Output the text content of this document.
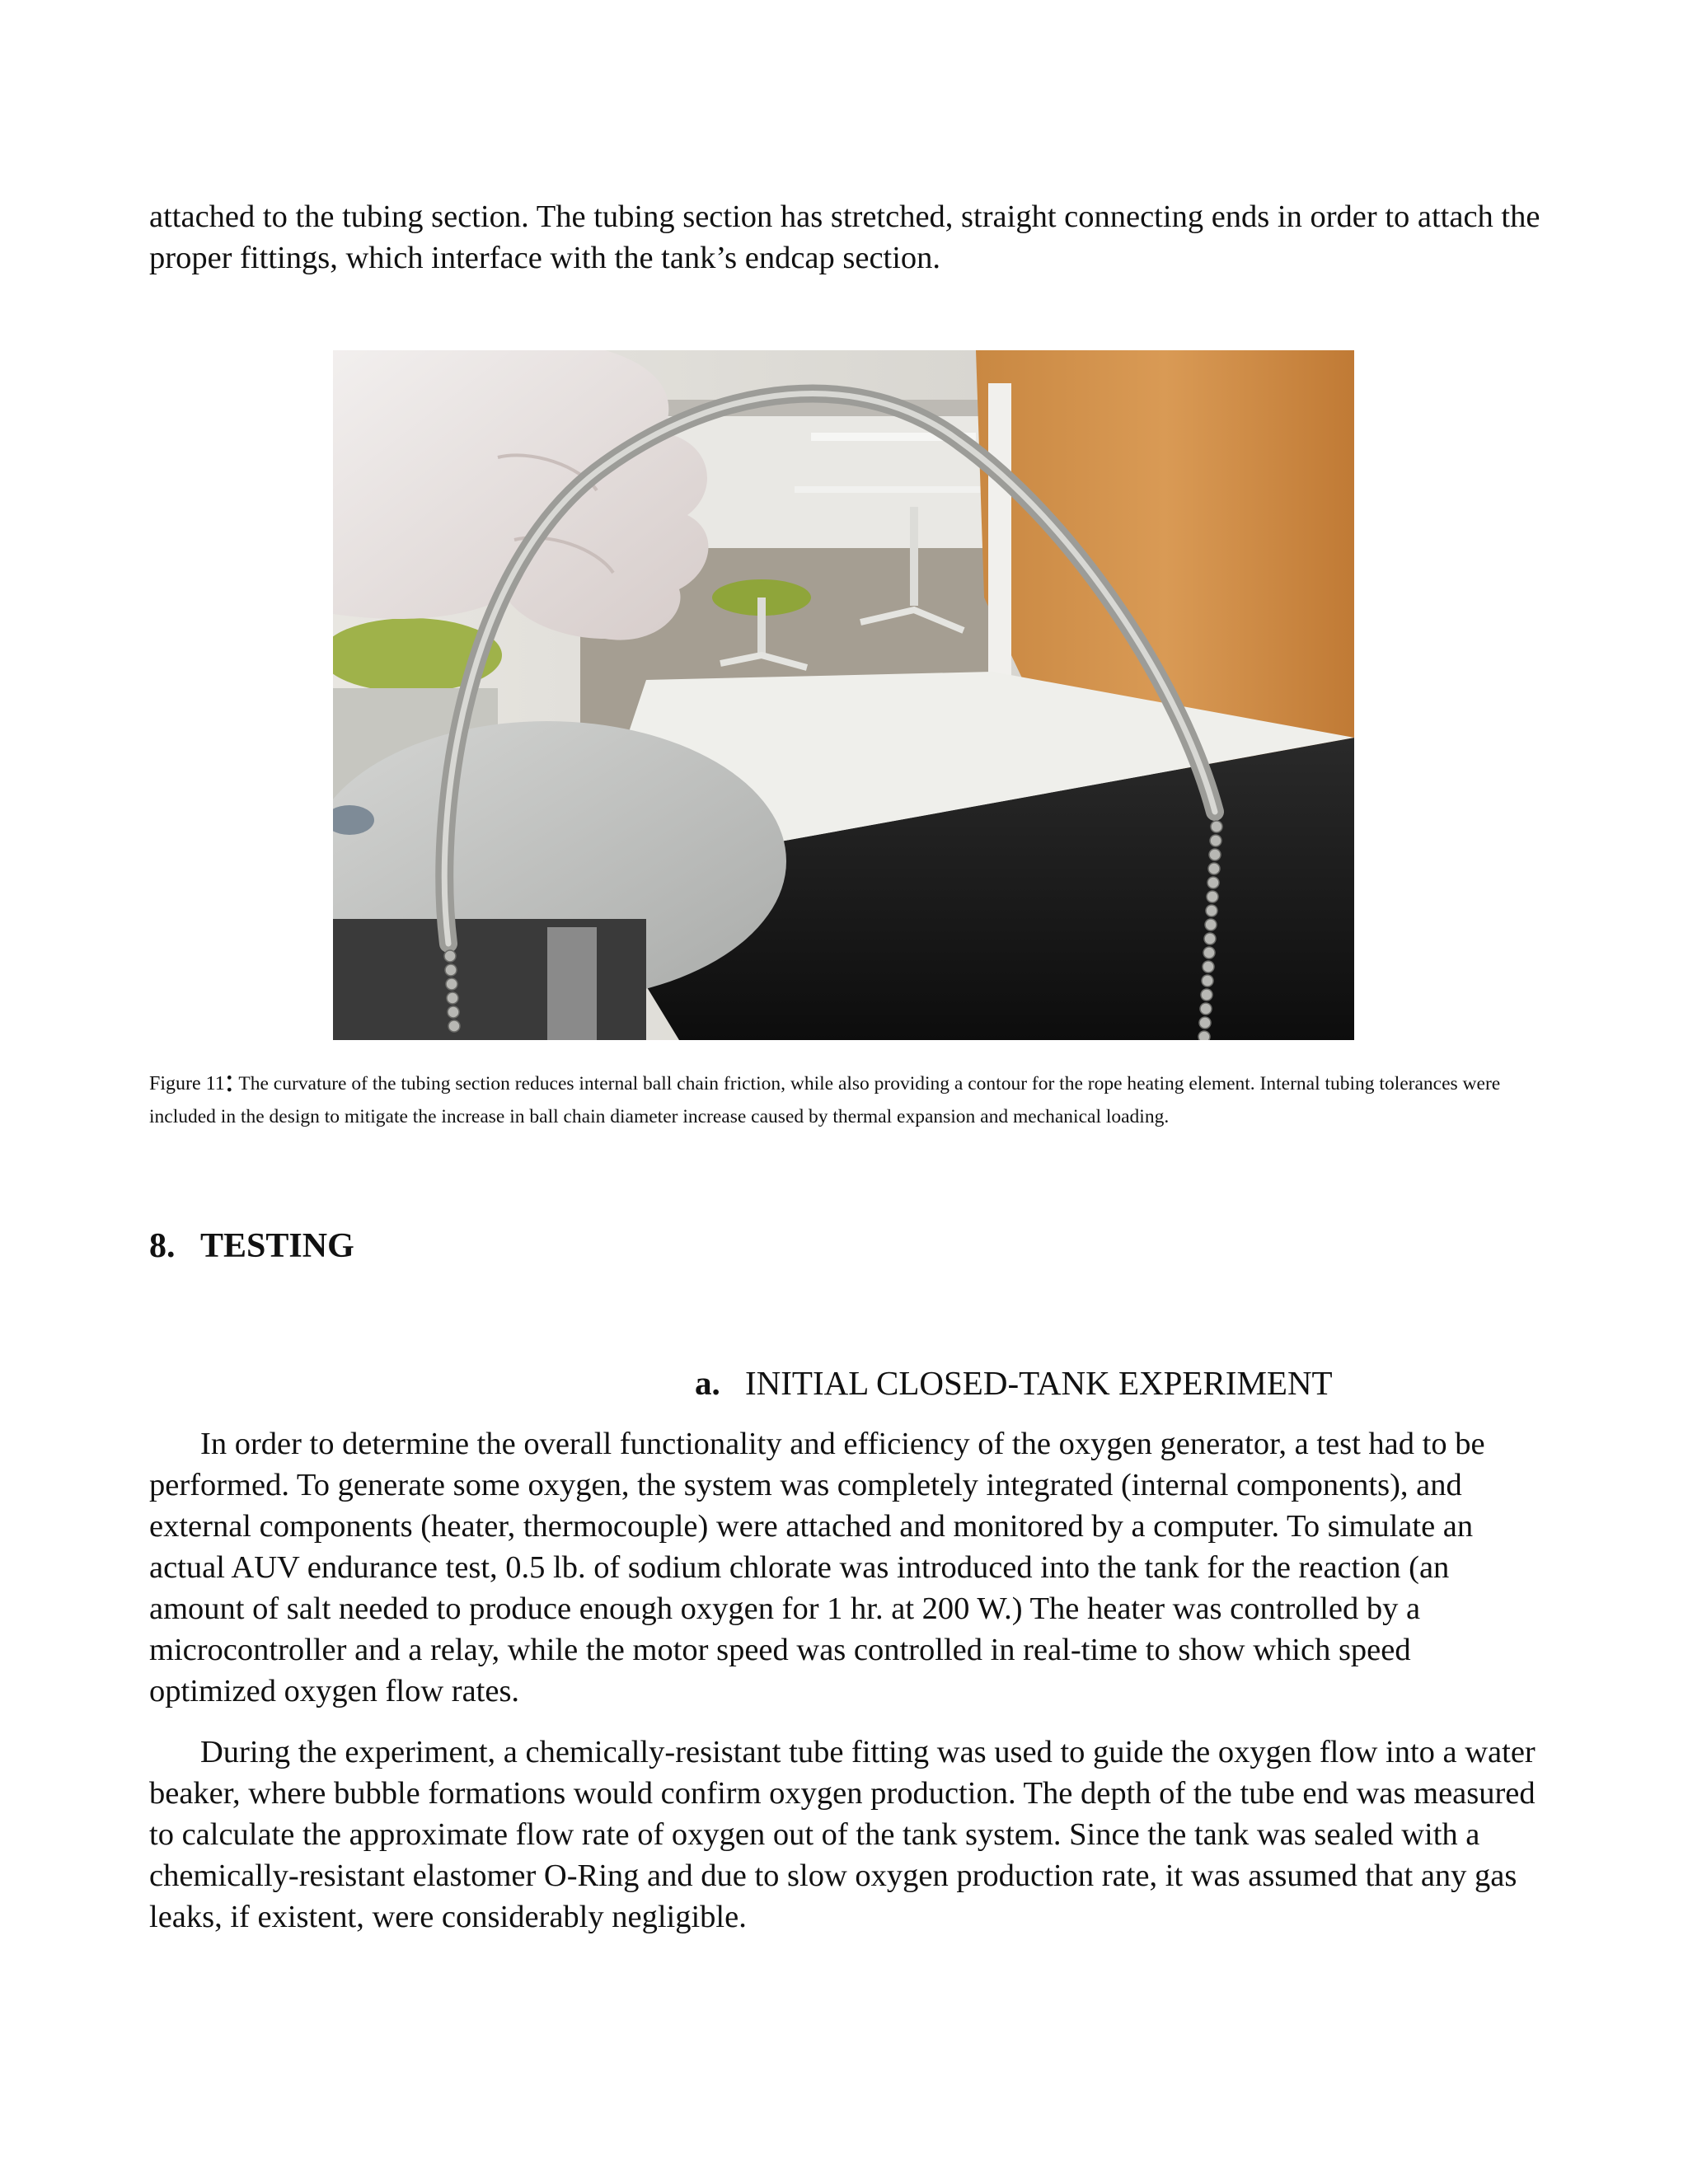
attached to the tubing section. The tubing section has stretched, straight connecting ends in order to attach the proper fittings, which interface with the tank’s endcap section.

Figure 11: The curvature of the tubing section reduces internal ball chain friction, while also providing a contour for the rope heating element. Internal tubing tolerances were included in the design to mitigate the increase in ball chain diameter increase caused by thermal expansion and mechanical loading.

8. TESTING
a. INITIAL CLOSED-TANK EXPERIMENT

In order to determine the overall functionality and efficiency of the oxygen generator, a test had to be performed. To generate some oxygen, the system was completely integrated (internal components), and external components (heater, thermocouple) were attached and monitored by a computer. To simulate an actual AUV endurance test, 0.5 lb. of sodium chlorate was introduced into the tank for the reaction (an amount of salt needed to produce enough oxygen for 1 hr. at 200 W.) The heater was controlled by a microcontroller and a relay, while the motor speed was controlled in real-time to show which speed optimized oxygen flow rates.

During the experiment, a chemically-resistant tube fitting was used to guide the oxygen flow into a water beaker, where bubble formations would confirm oxygen production. The depth of the tube end was measured to calculate the approximate flow rate of oxygen out of the tank system. Since the tank was sealed with a chemically-resistant elastomer O-Ring and due to slow oxygen production rate, it was assumed that any gas leaks, if existent, were considerably negligible.
